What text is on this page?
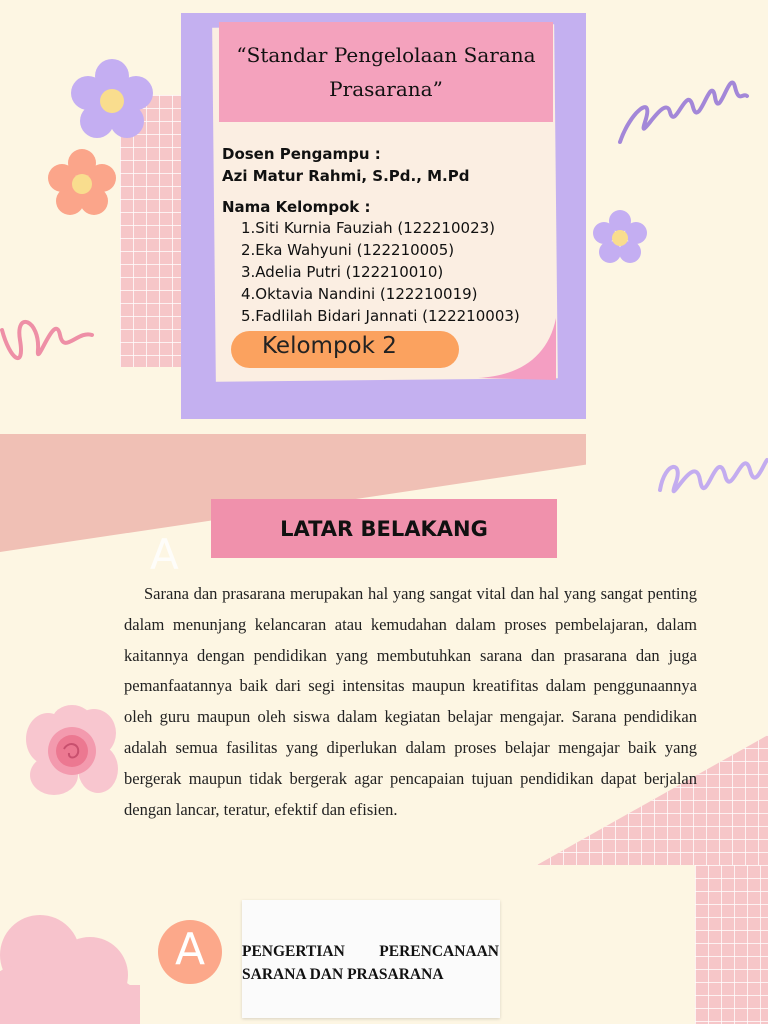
“Standar Pengelolaan Sarana
Prasarana”
Dosen Pengampu :
Azi Matur Rahmi, S.Pd., M.Pd
Nama Kelompok :
1.Siti Kurnia Fauziah (122210023)
2.Eka Wahyuni (122210005)
3.Adelia Putri (122210010)
4.Oktavia Nandini (122210019)
5.Fadlilah Bidari Jannati (122210003)
Kelompok 2
LATAR BELAKANG
A

Sarana dan prasarana merupakan hal yang sangat vital dan hal yang sangat penting dalam menunjang kelancaran atau kemudahan dalam proses pembelajaran, dalam kaitannya dengan pendidikan yang membutuhkan sarana dan prasarana dan juga pemanfaatannya baik dari segi intensitas maupun kreatifitas dalam penggunaannya oleh guru maupun oleh siswa dalam kegiatan belajar mengajar. Sarana pendidikan adalah semua fasilitas yang diperlukan dalam proses belajar mengajar baik yang bergerak maupun tidak bergerak agar pencapaian tujuan pendidikan dapat berjalan dengan lancar, teratur, efektif dan efisien.

A	PENGERTIAN PERENCANAAN SARANA DAN PRASARANA
